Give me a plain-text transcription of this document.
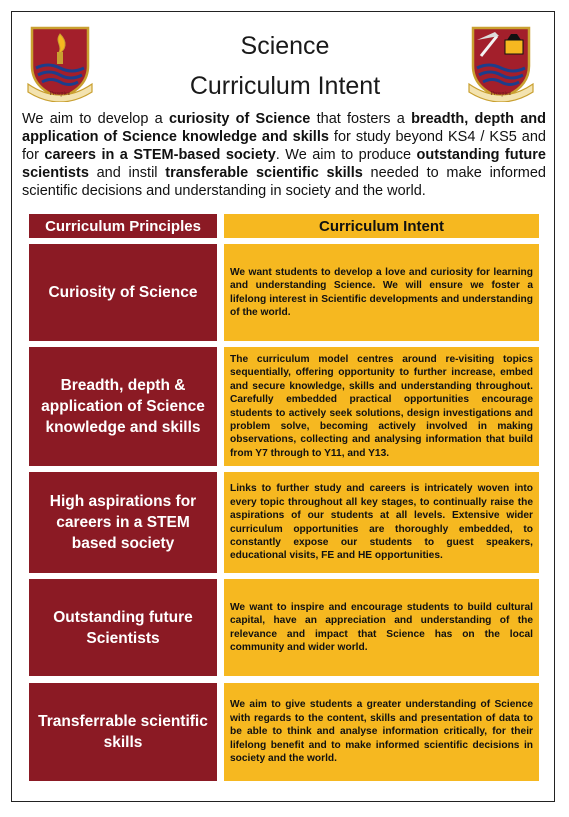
Prospice	Prospice
Science
Curriculum Intent
We aim to develop a curiosity of Science that fosters a breadth, depth and application of Science knowledge and skills for study beyond KS4 / KS5 and for careers in a STEM-based society. We aim to produce outstanding future scientists and instil transferable scientific skills needed to make informed scientific decisions and understanding in society and the world.
Curriculum Principles	Curriculum Intent
Curiosity of Science
We want students to develop a love and curiosity for learning and understanding Science. We will ensure we foster a lifelong interest in Scientific developments and understanding of the world.
Breadth, depth & application of Science knowledge and skills
The curriculum model centres around re-visiting topics sequentially, offering opportunity to further increase, embed and secure knowledge, skills and understanding throughout. Carefully embedded practical opportunities encourage students to actively seek solutions, design investigations and problem solve, becoming actively involved in making observations, collecting and analysing information that build from Y7 through to Y11, and Y13.
High aspirations for careers in a STEM based society
Links to further study and careers is intricately woven into every topic throughout all key stages, to continually raise the aspirations of our students at all levels. Extensive wider curriculum opportunities are thoroughly embedded, to constantly expose our students to guest speakers, educational visits, FE and HE opportunities.
Outstanding future Scientists
We want to inspire and encourage students to build cultural capital, have an appreciation and understanding of the relevance and impact that Science has on the local community and wider world.
Transferrable scientific skills
We aim to give students a greater understanding of Science with regards to the content, skills and presentation of data to be able to think and analyse information critically, for their lifelong benefit and to make informed scientific decisions in society and the world.
